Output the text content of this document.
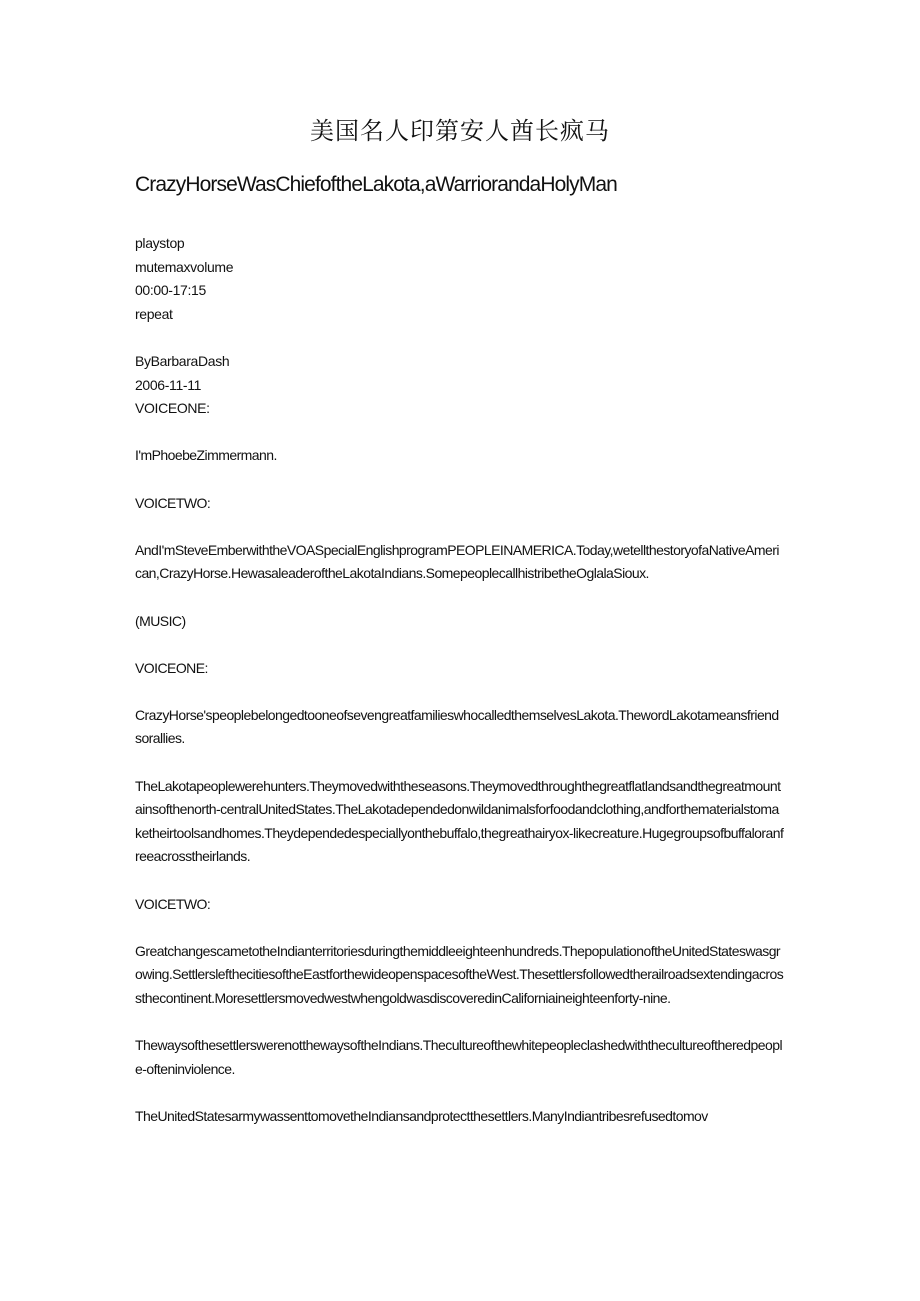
美国名人印第安人酋长疯马
CrazyHorseWasChiefoftheLakota,aWarriorandaHolyMan
playstop
mutemaxvolume
00:00-17:15
repeat
ByBarbaraDash
2006-11-11
VOICEONE:

I'mPhoebeZimmermann.

VOICETWO:

AndI'mSteveEmberwiththeVOASpecialEnglishprogramPEOPLEINAMERICA.Today,wetellthestoryofaNativeAmerican,CrazyHorse.HewasaleaderoftheLakotaIndians.SomepeoplecallhistribetheOglalaSioux.

(MUSIC)

VOICEONE:

CrazyHorse'speoplebelongedtooneofsevengreatfamilieswhocalledthemselvesLakota.ThewordLakotameansfriendsorallies.

TheLakotapeoplewerehunters.Theymovedwiththeseasons.Theymovedthroughthegreatflatlandsandthegreatmountainsofthenorth-centralUnitedStates.TheLakotadependedonwildanimalsforfoodandclothing,andforthematerialstomaketheirtoolsandhomes.Theydependedespeciallyonthebuffalo,thegreathairyox-likecreature.Hugegroupsofbuffaloranfreeacrosstheirlands.

VOICETWO:

GreatchangescametotheIndianterritoriesduringthemiddleeighteenhundreds.ThepopulationoftheUnitedStateswasgrowing.SettlerslefthecitiesoftheEastforthewideopenspacesoftheWest.Thesettlersfollowedtherailroadsextendingacrossthecontinent.MoresettlersmovedwestwhengoldwasdiscoveredinCaliforniaineighteenforty-nine.

ThewaysofthesettlerswerenotthewaysoftheIndians.Thecultureofthewhitepeopleclashedwiththecultureoftheredpeople-ofteninviolence.

TheUnitedStatesarmywassenttomovetheIndiansandprotectthesettlers.ManyIndiantribesrefusedtomov
